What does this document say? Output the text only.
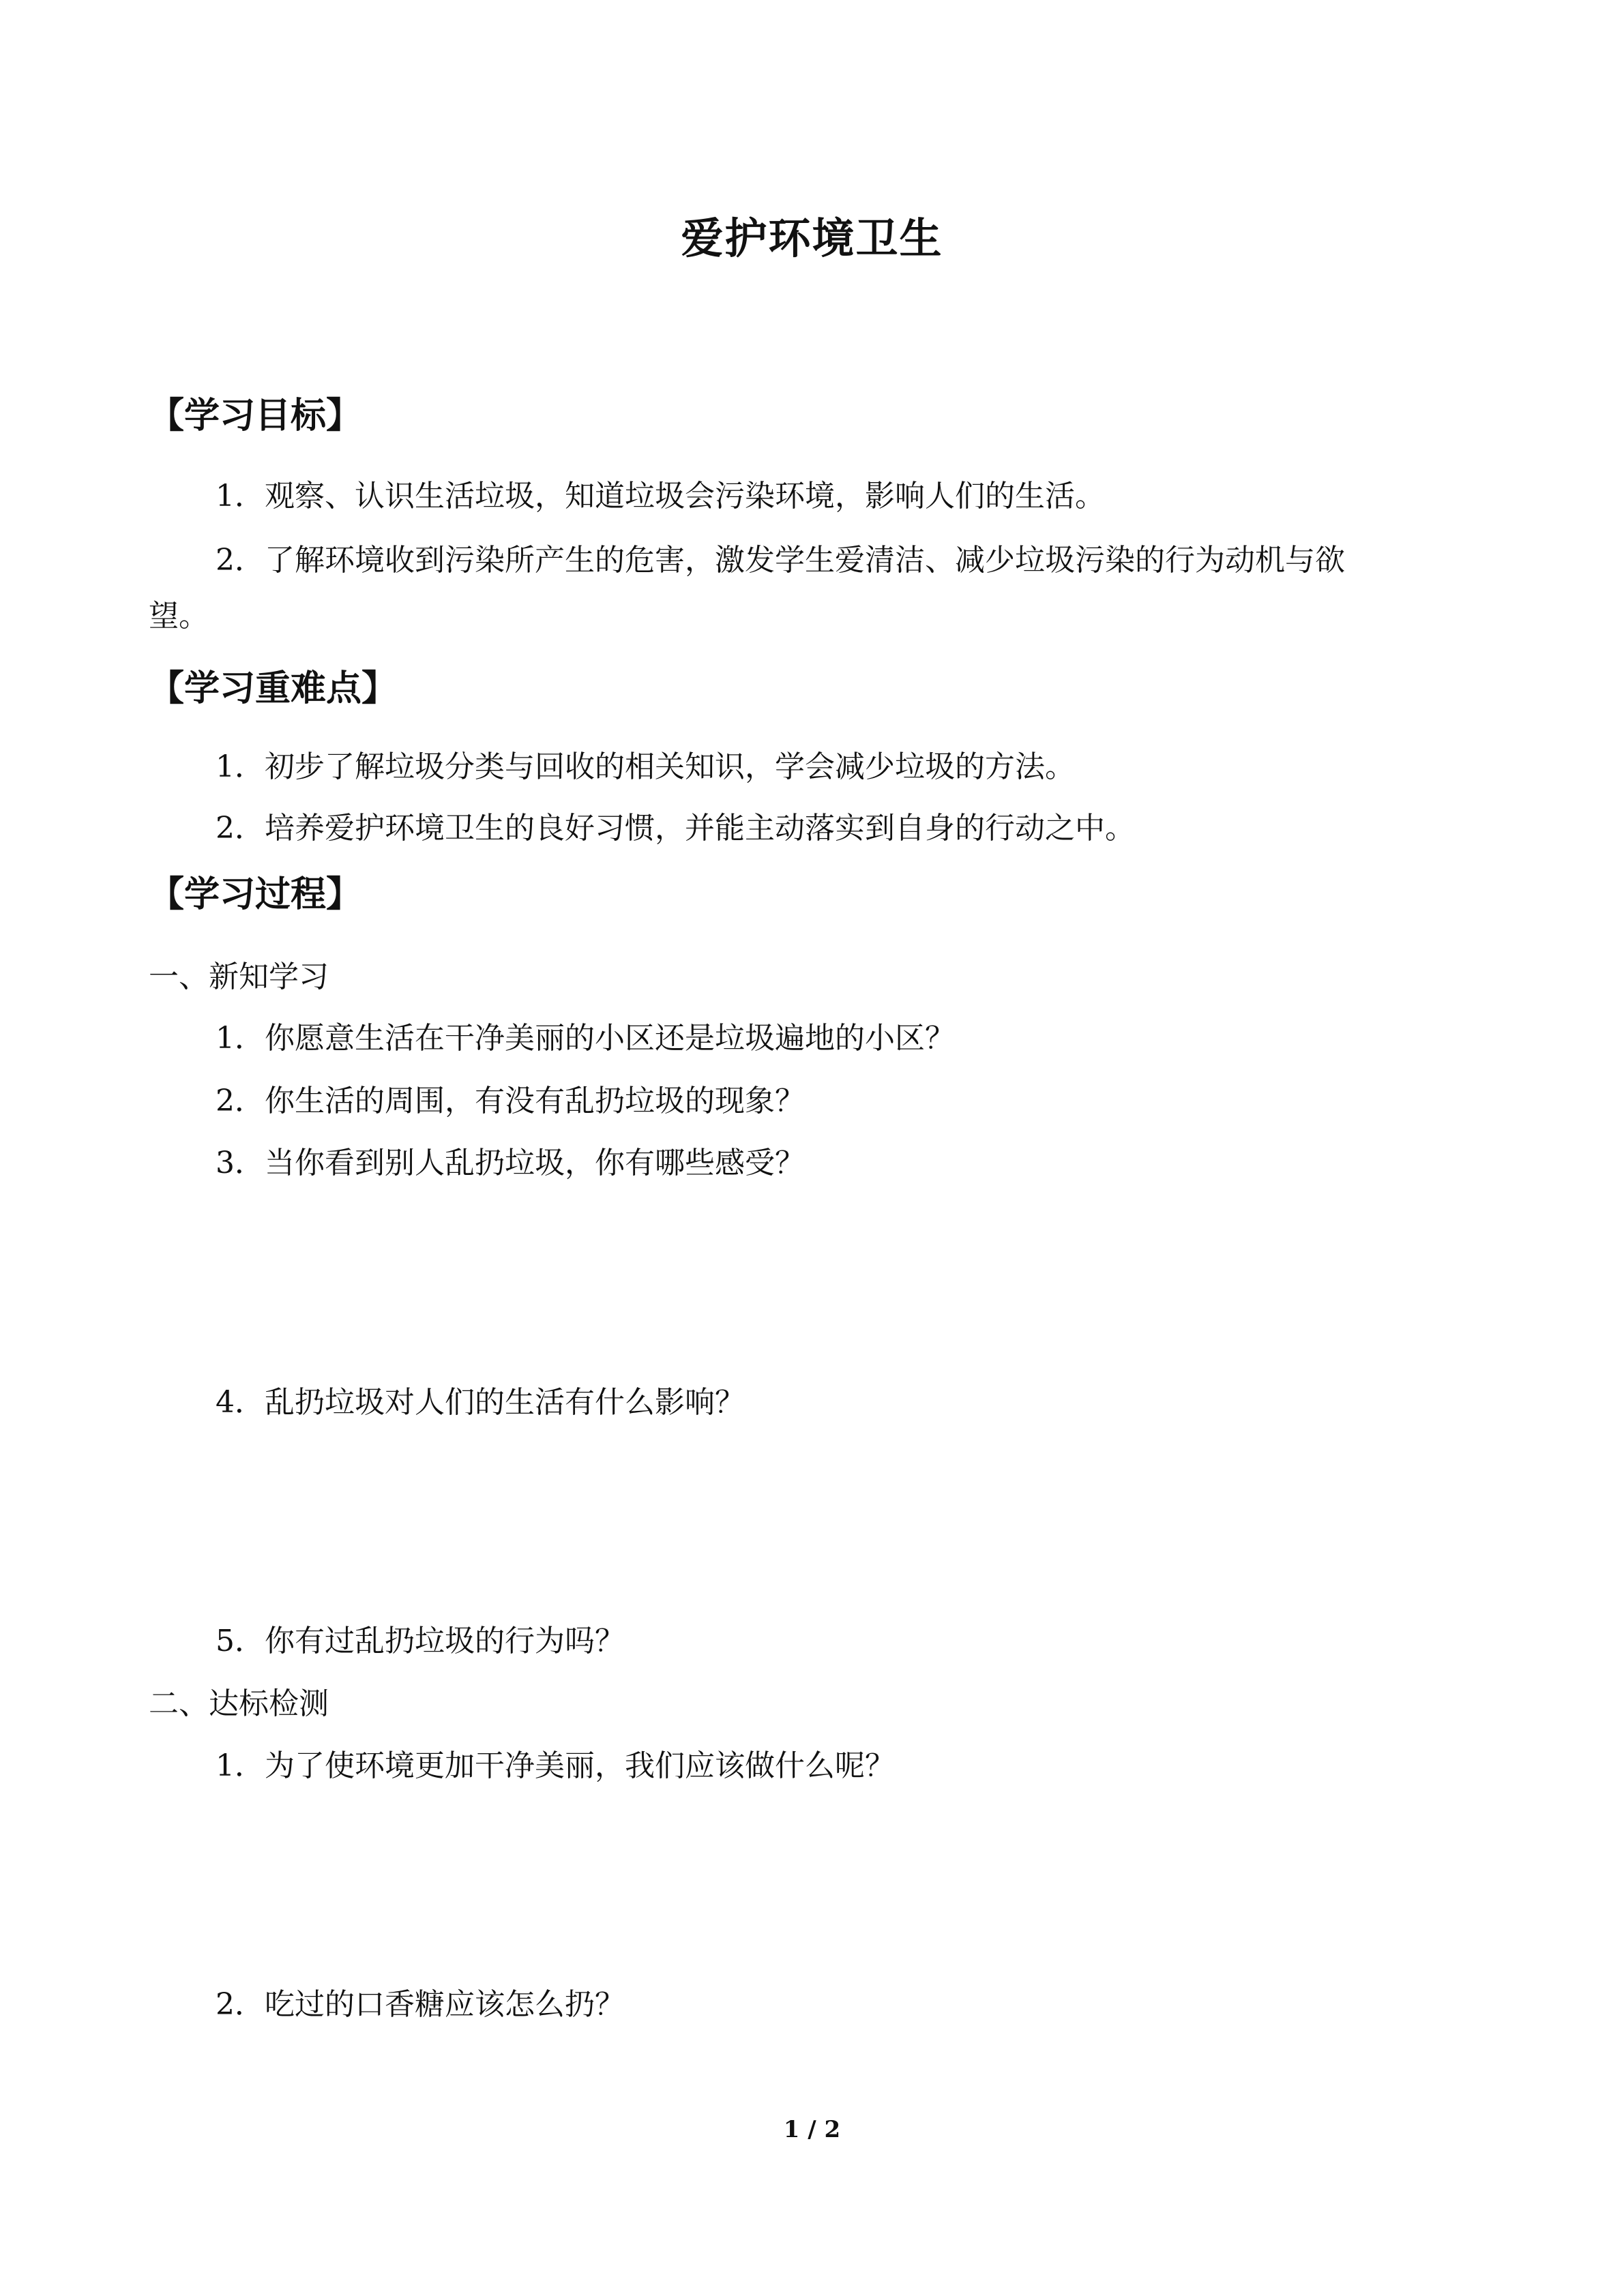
爱护环境卫生
【学习目标】

1．观察、认识生活垃圾，知道垃圾会污染环境，影响人们的生活。

2．了解环境收到污染所产生的危害，激发学生爱清洁、减少垃圾污染的行为动机与欲

望。

【学习重难点】

1．初步了解垃圾分类与回收的相关知识，学会减少垃圾的方法。

2．培养爱护环境卫生的良好习惯，并能主动落实到自身的行动之中。

【学习过程】

一、新知学习

1．你愿意生活在干净美丽的小区还是垃圾遍地的小区？

2．你生活的周围，有没有乱扔垃圾的现象？

3．当你看到别人乱扔垃圾，你有哪些感受？

4．乱扔垃圾对人们的生活有什么影响？

5．你有过乱扔垃圾的行为吗？

二、达标检测

1．为了使环境更加干净美丽，我们应该做什么呢？

2．吃过的口香糖应该怎么扔？

1 / 2
